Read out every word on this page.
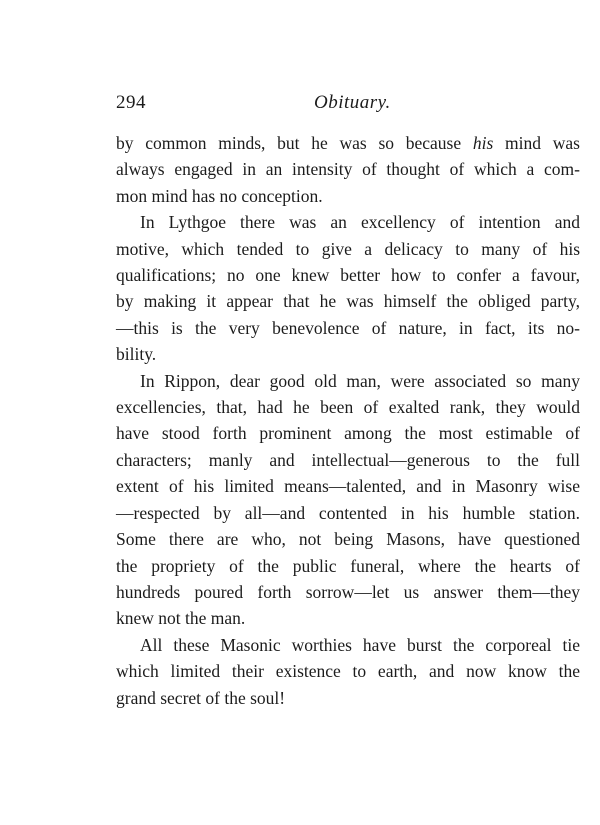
294	Obituary.
by common minds, but he was so because his mind was
always engaged in an intensity of thought of which a com-
mon mind has no conception.
In Lythgoe there was an excellency of intention and
motive, which tended to give a delicacy to many of his
qualifications; no one knew better how to confer a favour,
by making it appear that he was himself the obliged party,
—this is the very benevolence of nature, in fact, its no-
bility.
In Rippon, dear good old man, were associated so many
excellencies, that, had he been of exalted rank, they would
have stood forth prominent among the most estimable of
characters; manly and intellectual—generous to the full
extent of his limited means—talented, and in Masonry wise
—respected by all—and contented in his humble station.
Some there are who, not being Masons, have questioned
the propriety of the public funeral, where the hearts of
hundreds poured forth sorrow—let us answer them—they
knew not the man.
All these Masonic worthies have burst the corporeal tie
which limited their existence to earth, and now know the
grand secret of the soul!
